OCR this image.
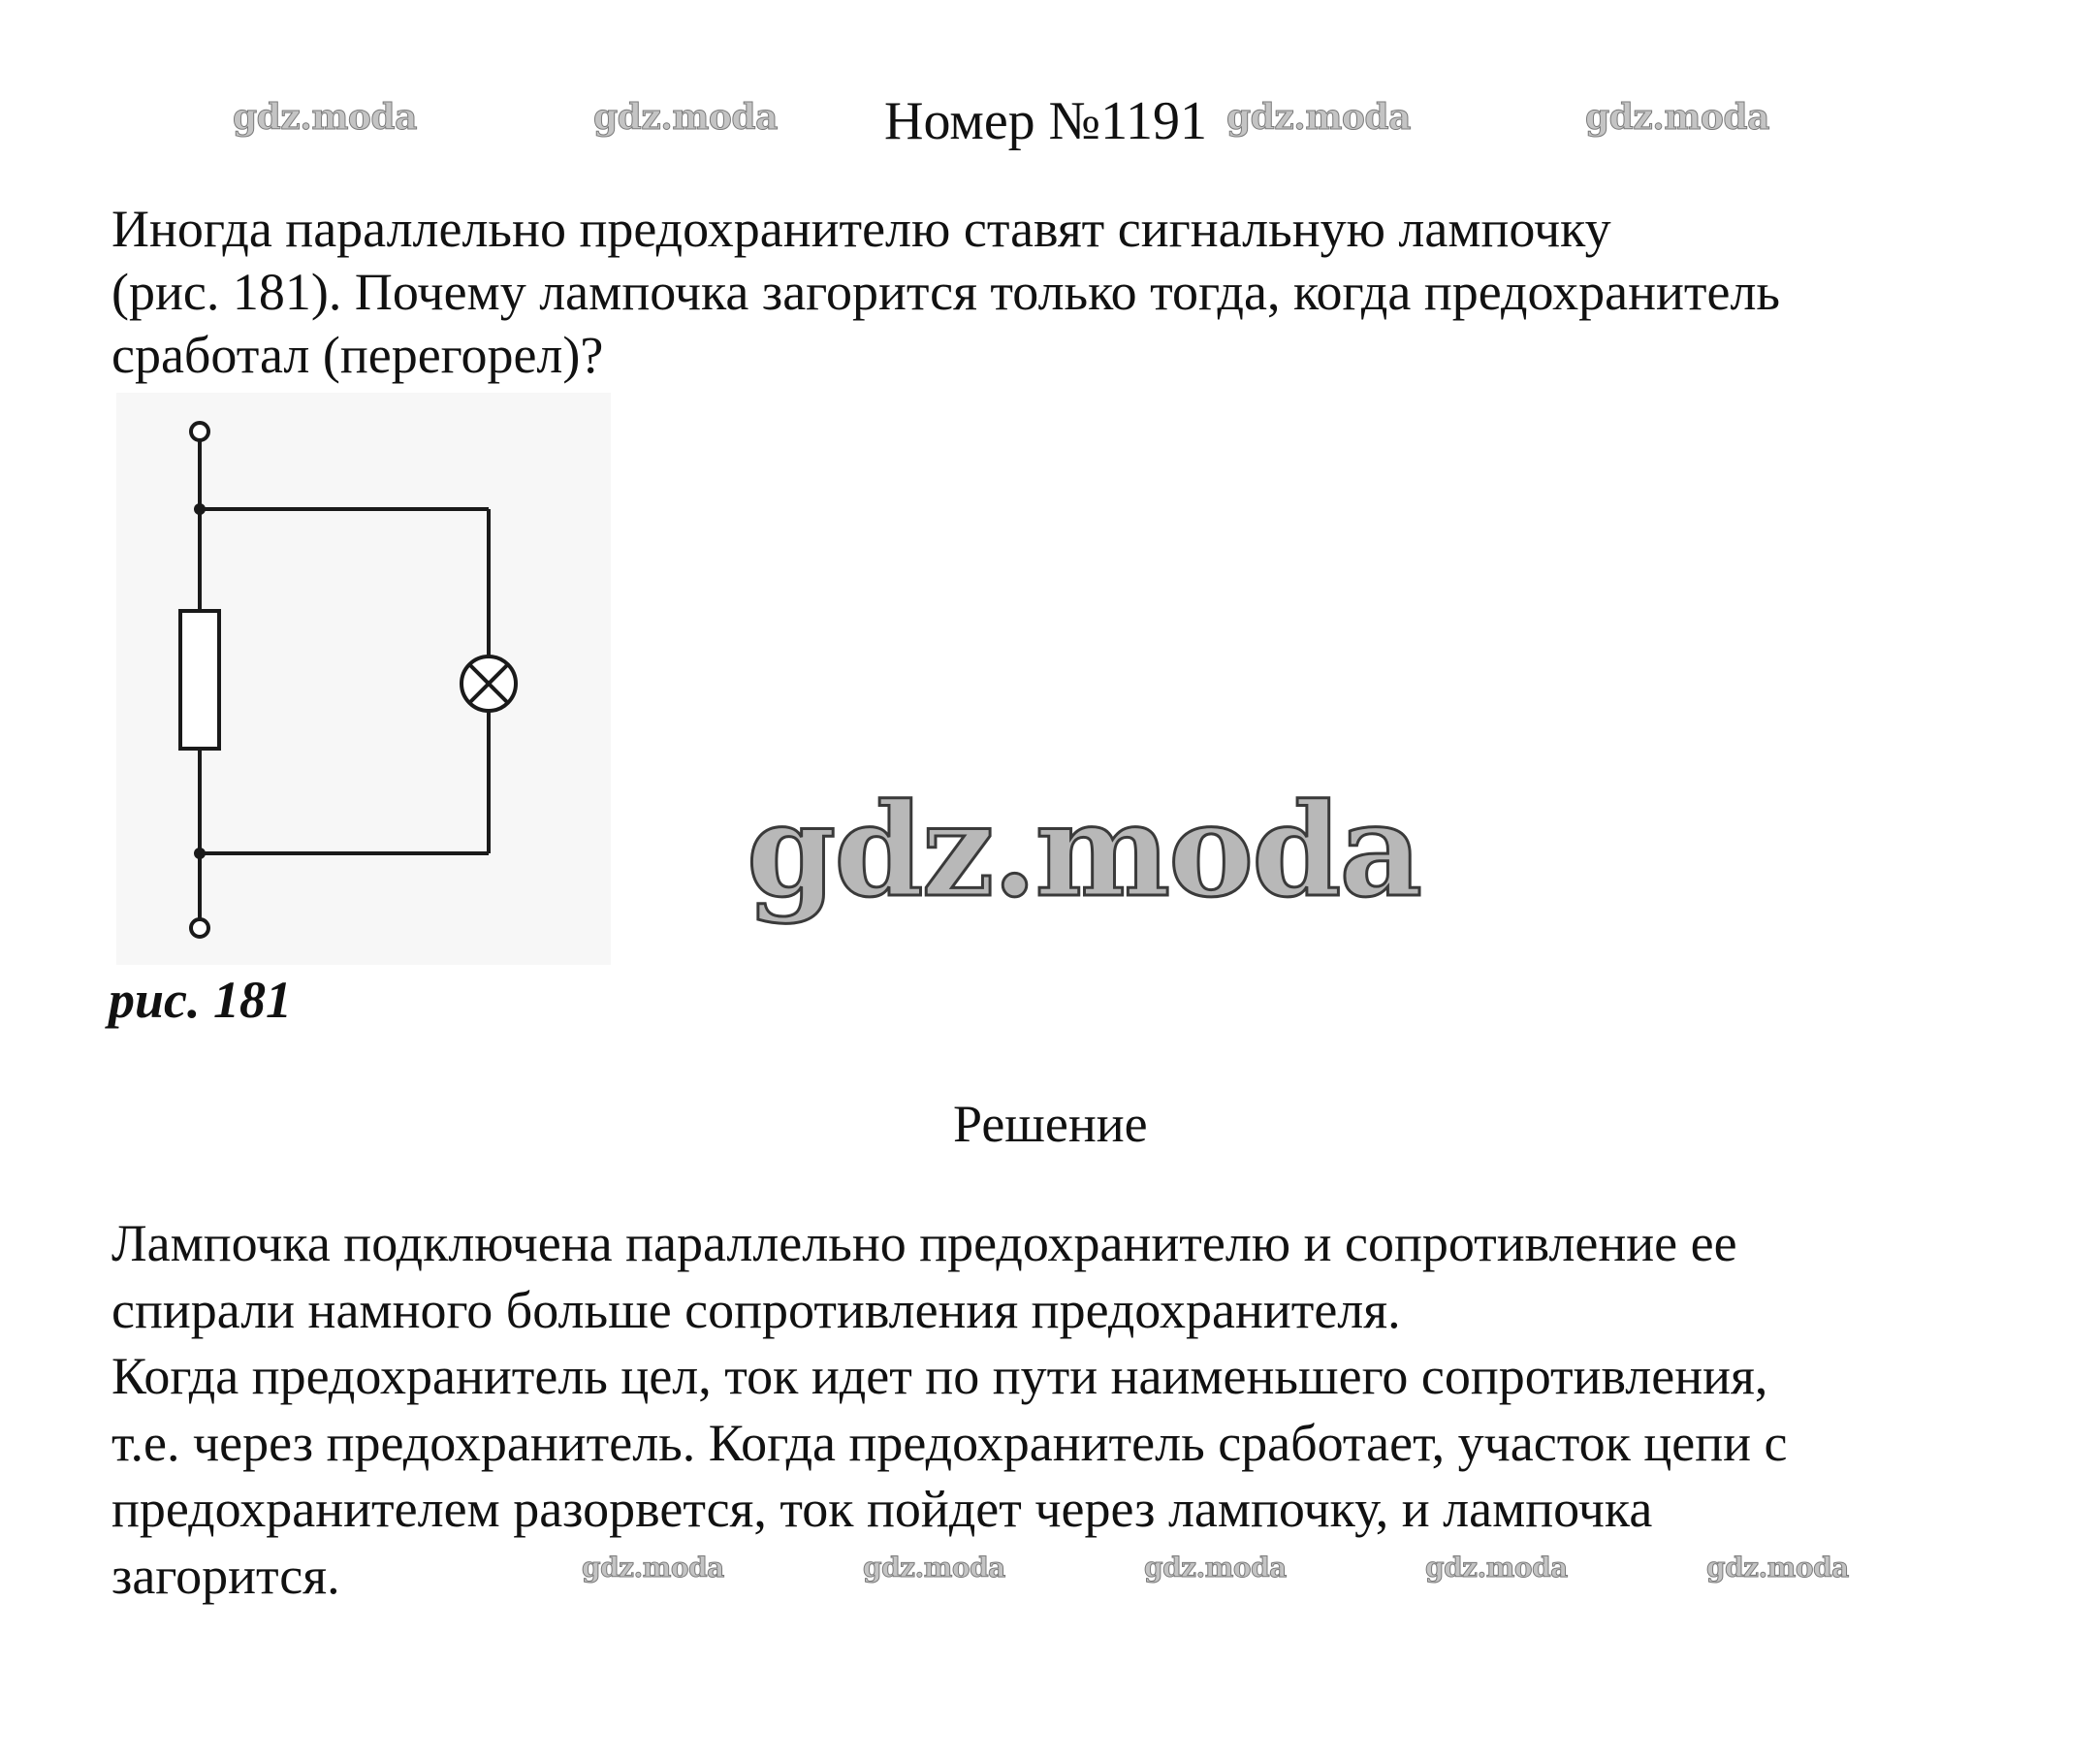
gdz.moda	gdz.moda	gdz.moda	gdz.moda
Номер №1191

Иногда параллельно предохранителю ставят сигнальную лампочку
(рис. 181). Почему лампочка загорится только тогда, когда предохранитель
сработал (перегорел)?

gdz.moda
рис. 181
Решение

Лампочка подключена параллельно предохранителю и сопротивление ее
спирали намного больше сопротивления предохранителя.
Когда предохранитель цел, ток идет по пути наименьшего сопротивления,
т.е. через предохранитель. Когда предохранитель сработает, участок цепи с
предохранителем разорвется, ток пойдет через лампочку, и лампочка
загорится.	gdz.moda	gdz.moda	gdz.moda	gdz.moda	gdz.moda
